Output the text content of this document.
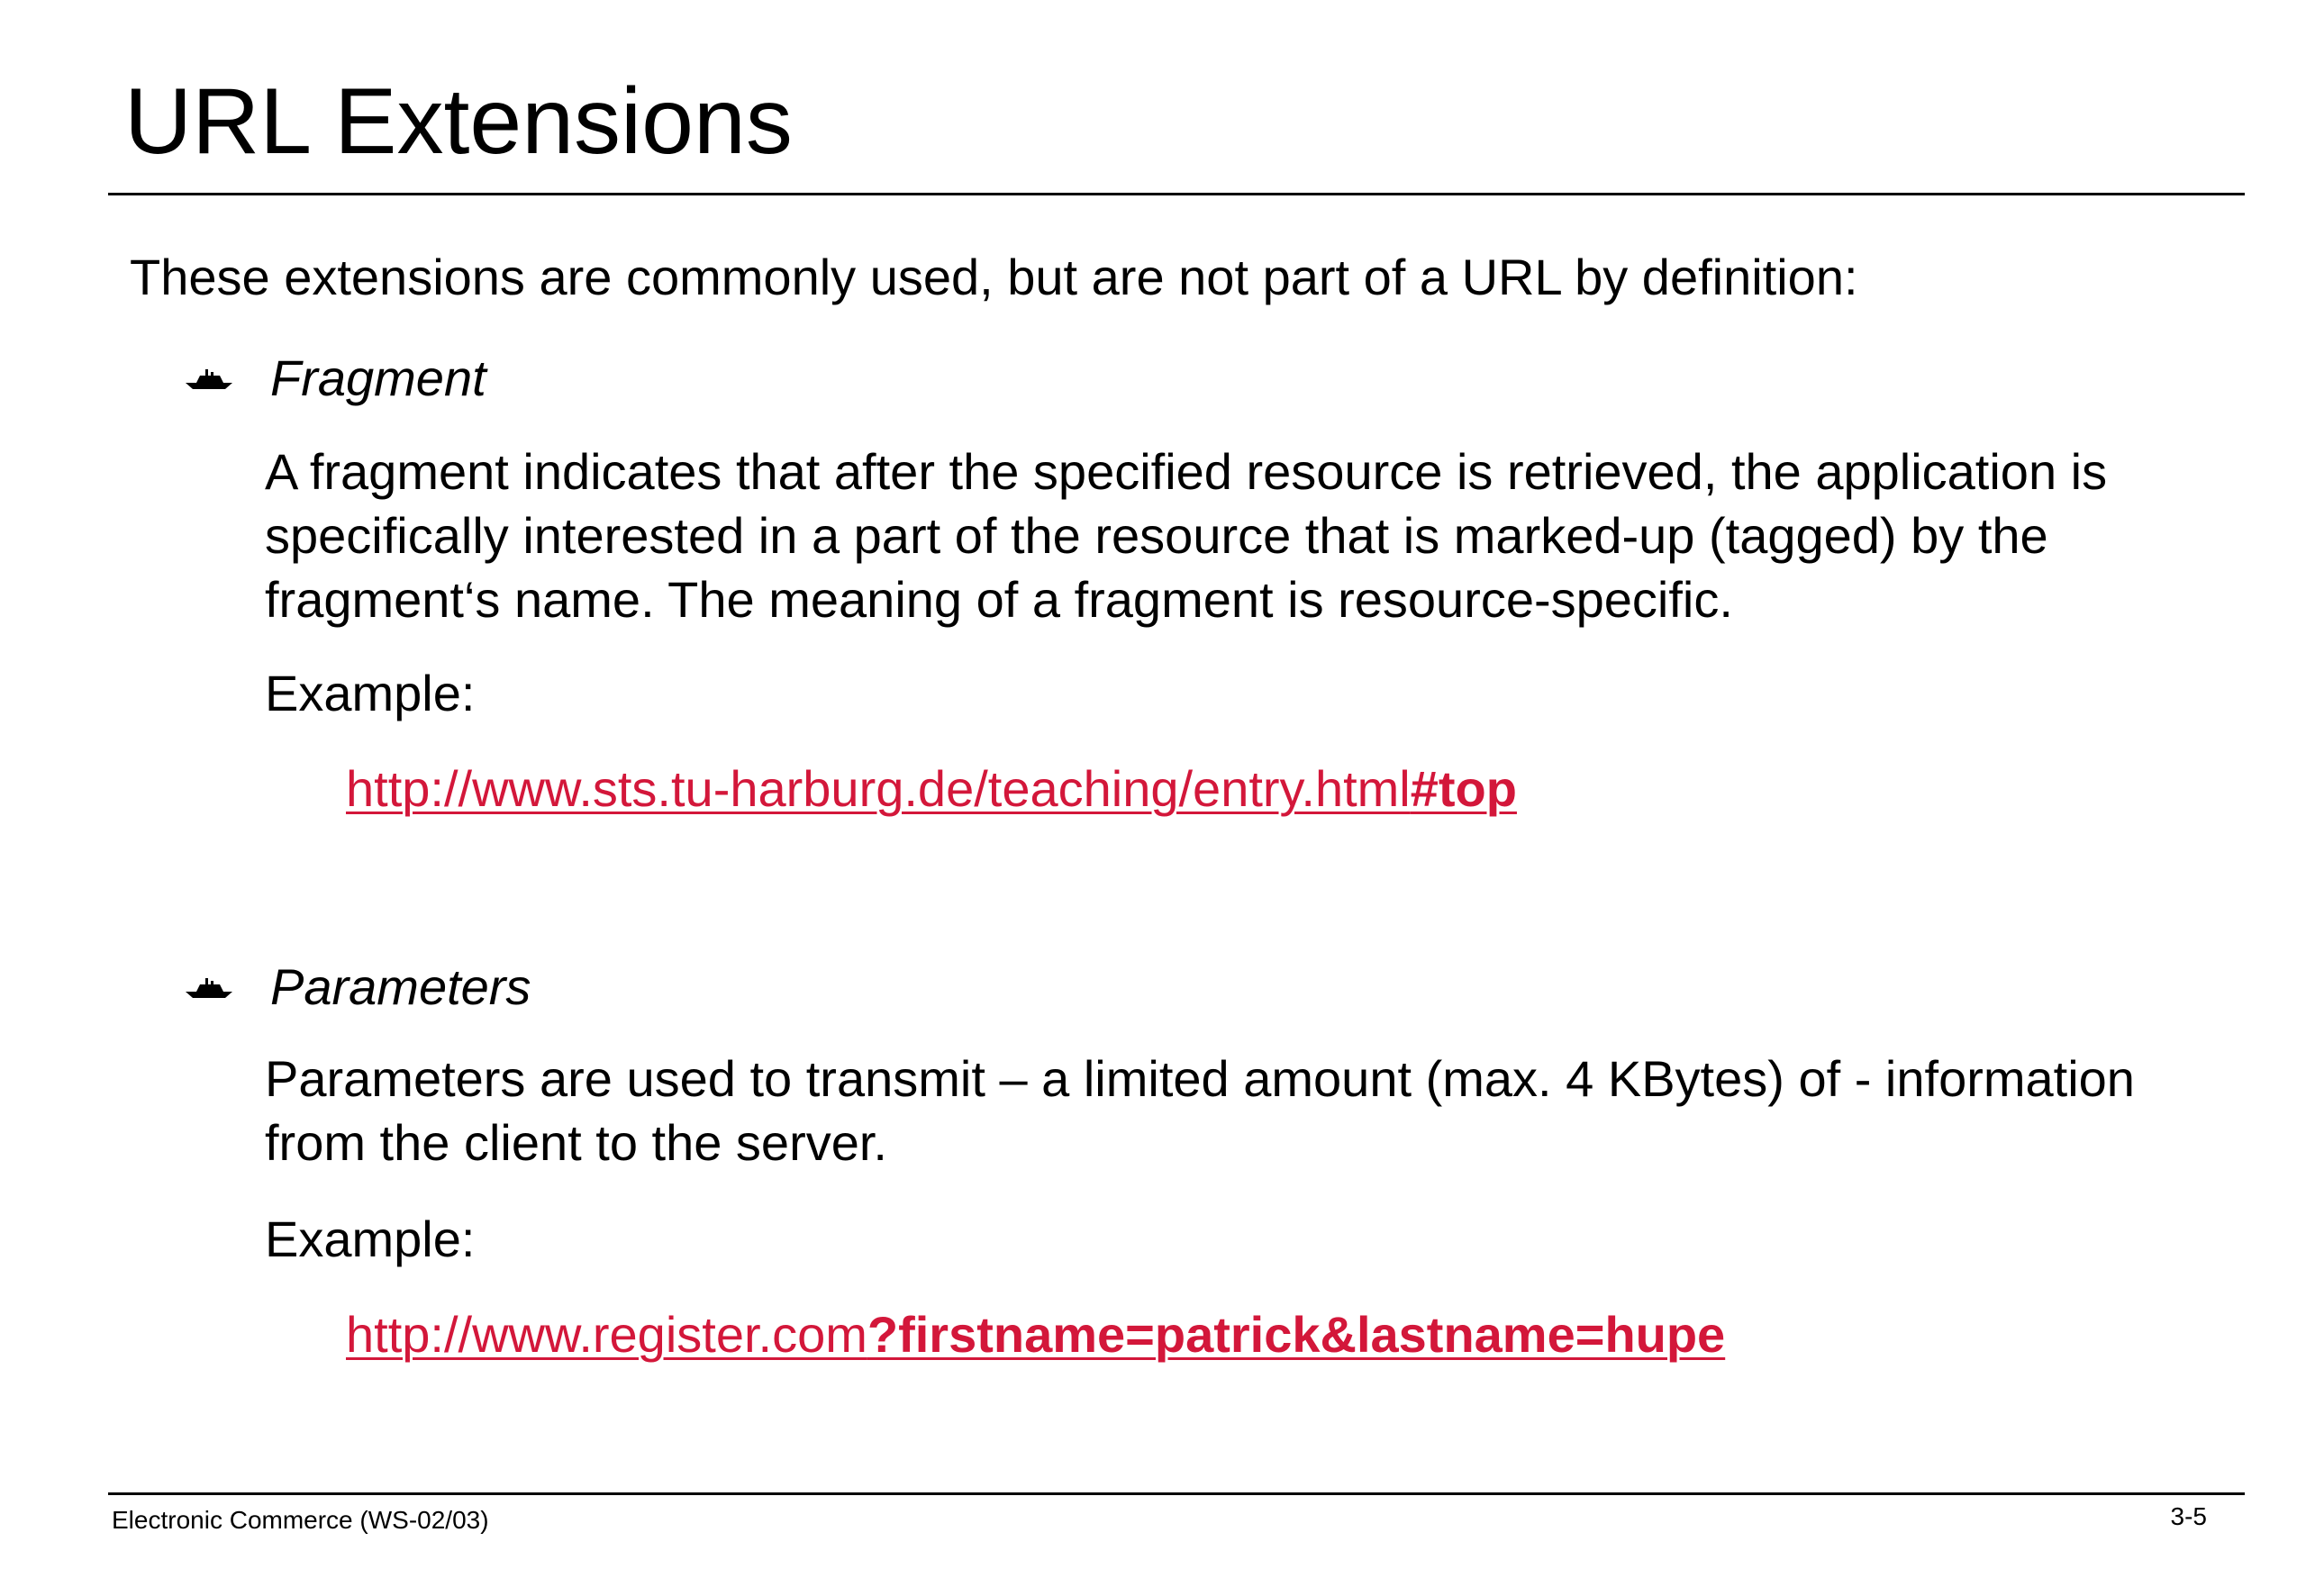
URL Extensions
These extensions are commonly used, but are not part of a URL by definition:
Fragment

A fragment indicates that after the specified resource is retrieved, the application is specifically interested in a part of the resource that is marked-up (tagged) by the fragment‘s name. The meaning of a fragment is resource-specific.

Example:
http://www.sts.tu-harburg.de/teaching/entry.html#top
Parameters

Parameters are used to transmit – a limited amount (max. 4 KBytes) of - information from the client to the server.

Example:
http://www.register.com?firstname=patrick&lastname=hupe
Electronic Commerce (WS-02/03)	3-5
